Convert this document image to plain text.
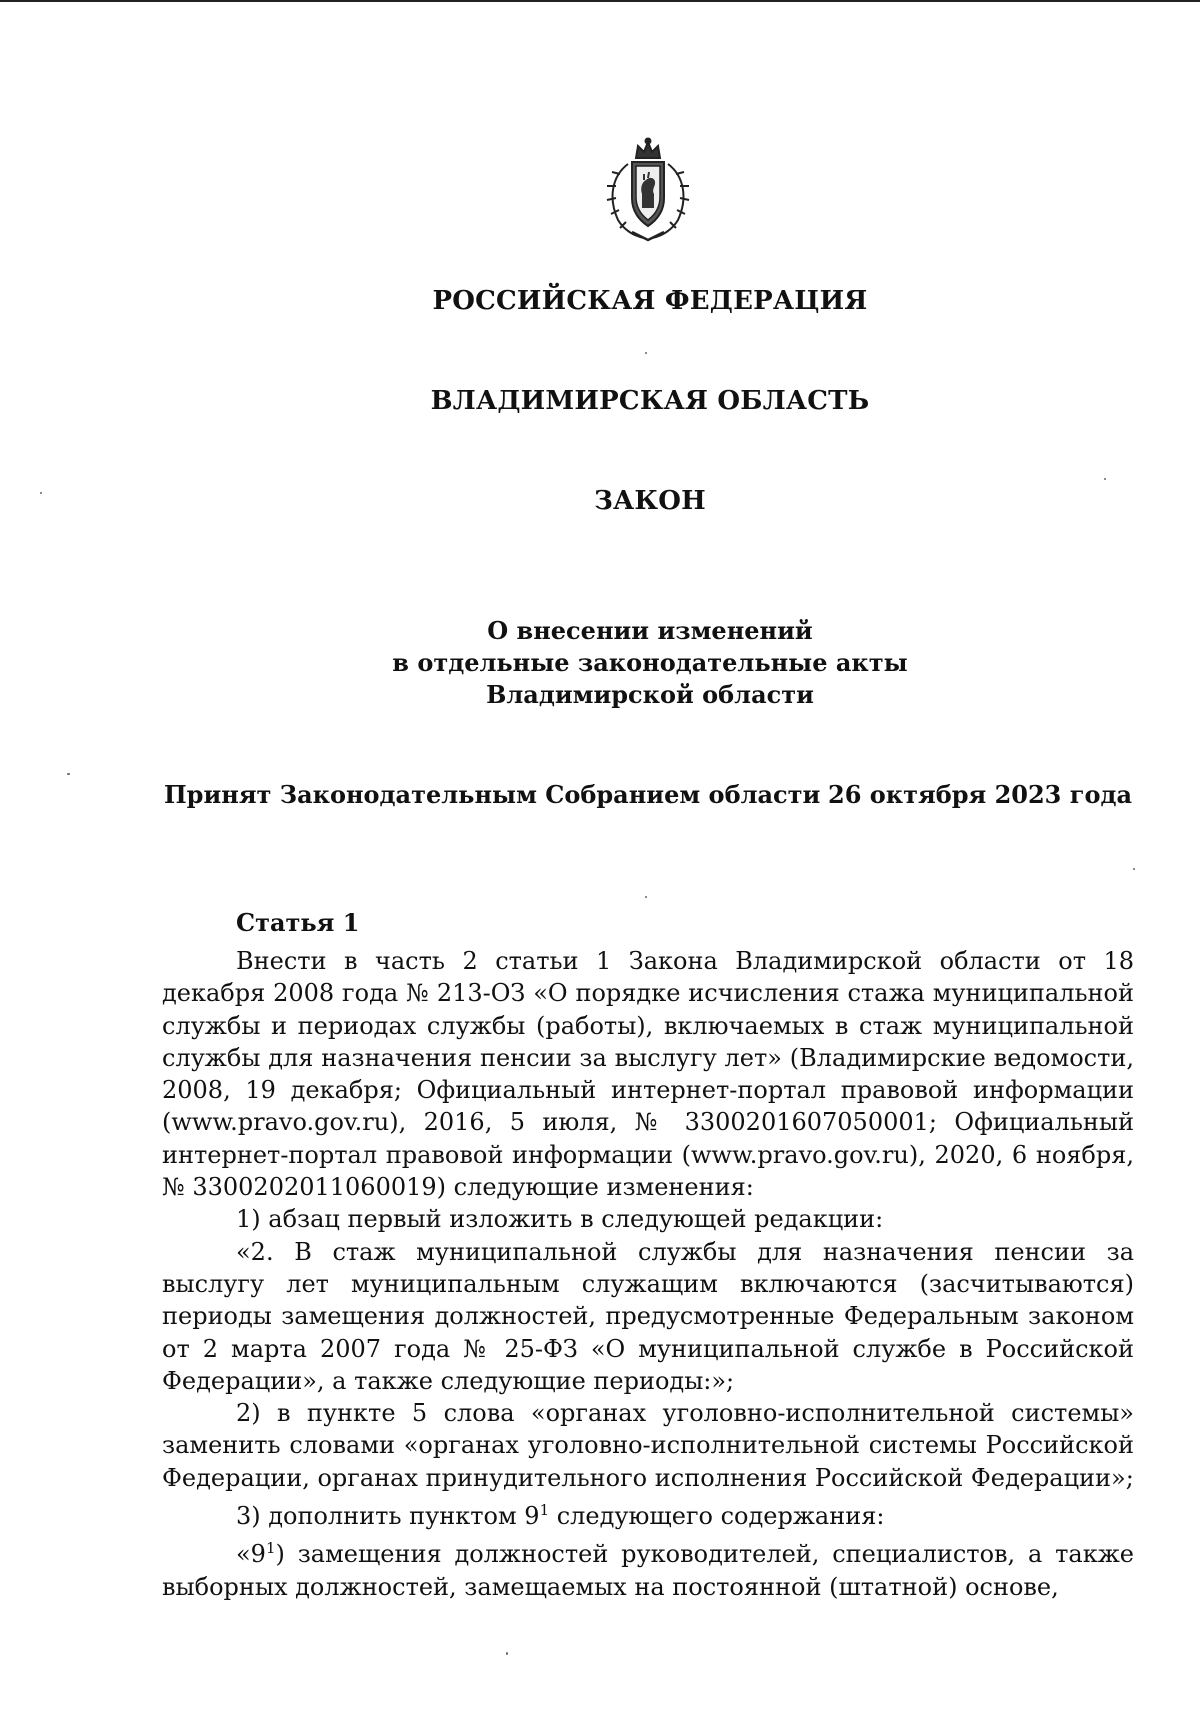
РОССИЙСКАЯ ФЕДЕРАЦИЯ
ВЛАДИМИРСКАЯ ОБЛАСТЬ
ЗАКОН
О внесении изменений
в отдельные законодательные акты
Владимирской области
Принят Законодательным Собранием области 26 октября 2023 года
Статья 1

Внести в часть 2 статьи 1 Закона Владимирской области от 18 декабря 2008 года № 213-ОЗ «О порядке исчисления стажа муниципальной службы и периодах службы (работы), включаемых в стаж муниципальной службы для назначения пенсии за выслугу лет» (Владимирские ведомости, 2008, 19 декабря; Официальный интернет-портал правовой информации (www.pravo.gov.ru), 2016, 5 июля, № 3300201607050001; Официальный интернет-портал правовой информации (www.pravo.gov.ru), 2020, 6 ноября, № 3300202011060019) следующие изменения:

1) абзац первый изложить в следующей редакции:

«2. В стаж муниципальной службы для назначения пенсии за выслугу лет муниципальным служащим включаются (засчитываются) периоды замещения должностей, предусмотренные Федеральным законом от 2 марта 2007 года № 25-ФЗ «О муниципальной службе в Российской Федерации», а также следующие периоды:»;

2) в пункте 5 слова «органах уголовно-исполнительной системы» заменить словами «органах уголовно-исполнительной системы Российской Федерации, органах принудительного исполнения Российской Федерации»;

3) дополнить пунктом $9^1$ следующего содержания:

«$9^1$) замещения должностей руководителей, специалистов, а также выборных должностей, замещаемых на постоянной (штатной) основе,
